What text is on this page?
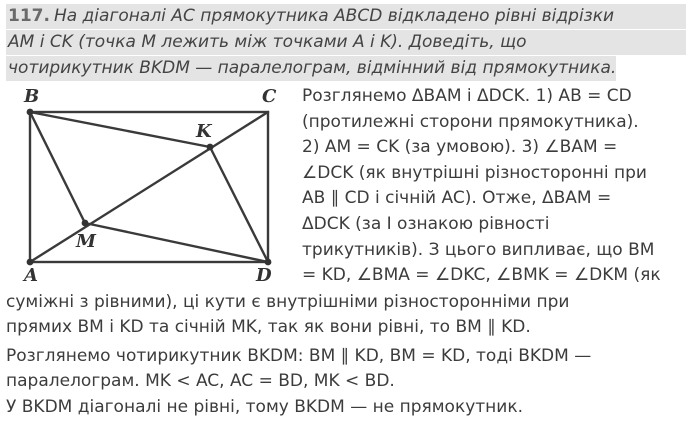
117. На діагоналі AC прямокутника ABCD відкладено рівні відрізки
AM і CK (точка M лежить між точками A і K). Доведіть, що
чотирикутник BKDM — паралелограм, відмінний від прямокутника.
B	C
K
M
A	D
Розглянемо ΔBAM і ΔDCK. 1) AB = CD
(протилежні сторони прямокутника).
2) AM = CK (за умовою). 3) ∠BAM =
∠DCK (як внутрішні різносторонні при
AB ∥ CD і січній AC). Отже, ΔBAM =
ΔDCK (за I ознакою рівності
трикутників). З цього випливає, що BM
= KD, ∠BMA = ∠DKC, ∠BMK = ∠DKM (як
суміжні з рівними), ці кути є внутрішніми різносторонніми при
прямих BM і KD та січній MK, так як вони рівні, то BM ∥ KD.
Розглянемо чотирикутник BKDM: BM ∥ KD, BM = KD, тоді BKDM —
паралелограм. MK < AC, AC = BD, MK < BD.
У BKDM діагоналі не рівні, тому BKDM — не прямокутник.
